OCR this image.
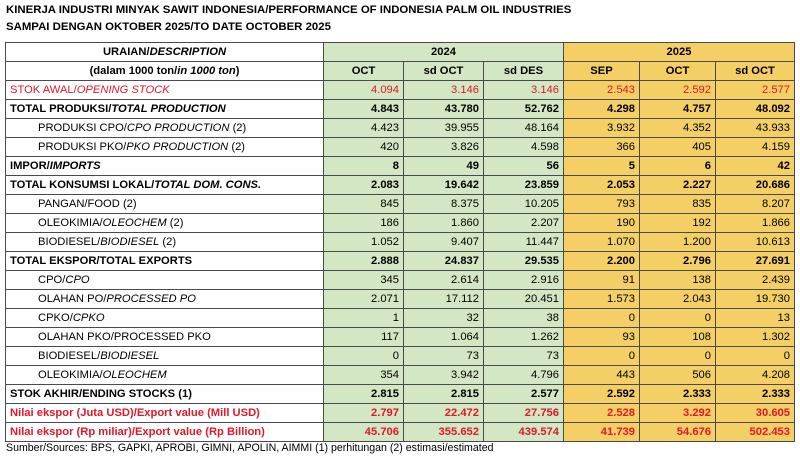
KINERJA INDUSTRI MINYAK SAWIT INDONESIA/PERFORMANCE OF INDONESIA PALM OIL INDUSTRIES
SAMPAI DENGAN OKTOBER 2025/TO DATE OCTOBER 2025
URAIAN/DESCRIPTION	2024			2025		
(dalam 1000 ton/in 1000 ton)	OCT	sd OCT	sd DES	SEP	OCT	sd OCT
STOK AWAL/OPENING STOCK	4.094	3.146	3.146	2.543	2.592	2.577
TOTAL PRODUKSI/TOTAL PRODUCTION	4.843	43.780	52.762	4.298	4.757	48.092
PRODUKSI CPO/CPO PRODUCTION (2)	4.423	39.955	48.164	3.932	4.352	43.933
PRODUKSI PKO/PKO PRODUCTION (2)	420	3.826	4.598	366	405	4.159
IMPOR/IMPORTS	8	49	56	5	6	42
TOTAL KONSUMSI LOKAL/TOTAL DOM. CONS.	2.083	19.642	23.859	2.053	2.227	20.686
PANGAN/FOOD (2)	845	8.375	10.205	793	835	8.207
OLEOKIMIA/OLEOCHEM (2)	186	1.860	2.207	190	192	1.866
BIODIESEL/BIODIESEL (2)	1.052	9.407	11.447	1.070	1.200	10.613
TOTAL EKSPOR/TOTAL EXPORTS	2.888	24.837	29.535	2.200	2.796	27.691
CPO/CPO	345	2.614	2.916	91	138	2.439
OLAHAN PO/PROCESSED PO	2.071	17.112	20.451	1.573	2.043	19.730
CPKO/CPKO	1	32	38	0	0	13
OLAHAN PKO/PROCESSED PKO	117	1.064	1.262	93	108	1.302
BIODIESEL/BIODIESEL	0	73	73	0	0	0
OLEOKIMIA/OLEOCHEM	354	3.942	4.796	443	506	4.208
STOK AKHIR/ENDING STOCKS (1)	2.815	2.815	2.577	2.592	2.333	2.333
Nilai ekspor (Juta USD)/Export value (Mill USD)	2.797	22.472	27.756	2.528	3.292	30.605
Nilai ekspor (Rp miliar)/Export value (Rp Billion)	45.706	355.652	439.574	41.739	54.676	502.453
Sumber/Sources: BPS, GAPKI, APROBI, GIMNI, APOLIN, AIMMI (1) perhitungan (2) estimasi/estimated
